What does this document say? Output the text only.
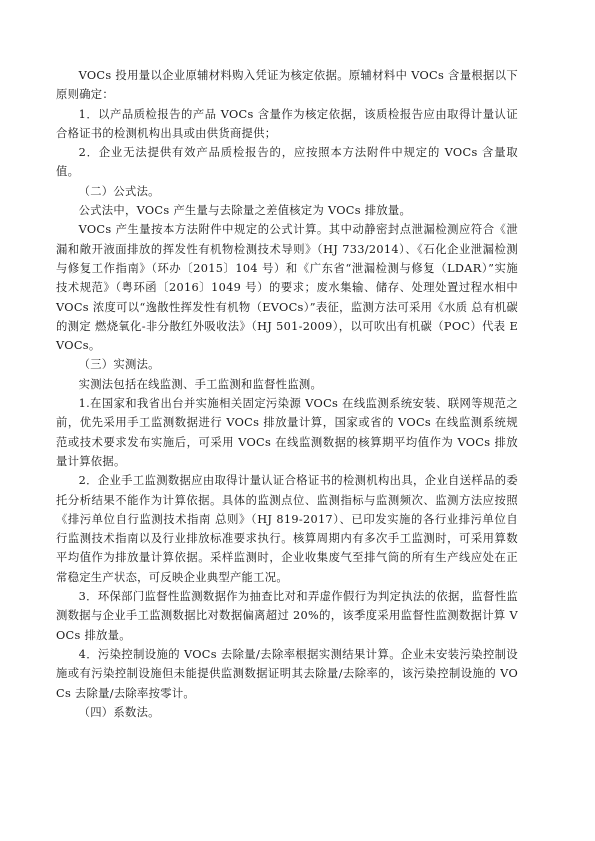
VOCs 投用量以企业原辅材料购入凭证为核定依据。原辅材料中 VOCs 含量根据以下原则确定：

1．以产品质检报告的产品 VOCs 含量作为核定依据，该质检报告应由取得计量认证合格证书的检测机构出具或由供货商提供；

2．企业无法提供有效产品质检报告的，应按照本方法附件中规定的 VOCs 含量取值。

（二）公式法。

公式法中，VOCs 产生量与去除量之差值核定为 VOCs 排放量。

VOCs 产生量按本方法附件中规定的公式计算。其中动静密封点泄漏检测应符合《泄漏和敞开液面排放的挥发性有机物检测技术导则》（HJ 733/2014）、《石化企业泄漏检测与修复工作指南》（环办〔2015〕104 号）和《广东省“泄漏检测与修复（LDAR）”实施技术规范》（粤环函〔2016〕1049 号）的要求；废水集输、储存、处理处置过程水相中 VOCs 浓度可以“逸散性挥发性有机物（EVOCs）”表征，监测方法可采用《水质 总有机碳的测定 燃烧氧化-非分散红外吸收法》（HJ 501-2009），以可吹出有机碳（POC）代表 EVOCs。

（三）实测法。

实测法包括在线监测、手工监测和监督性监测。

1.在国家和我省出台并实施相关固定污染源 VOCs 在线监测系统安装、联网等规范之前，优先采用手工监测数据进行 VOCs 排放量计算，国家或省的 VOCs 在线监测系统规范或技术要求发布实施后，可采用 VOCs 在线监测数据的核算期平均值作为 VOCs 排放量计算依据。

2．企业手工监测数据应由取得计量认证合格证书的检测机构出具，企业自送样品的委托分析结果不能作为计算依据。具体的监测点位、监测指标与监测频次、监测方法应按照《排污单位自行监测技术指南 总则》（HJ 819-2017）、已印发实施的各行业排污单位自行监测技术指南以及行业排放标准要求执行。核算周期内有多次手工监测时，可采用算数平均值作为排放量计算依据。采样监测时，企业收集废气至排气筒的所有生产线应处在正常稳定生产状态，可反映企业典型产能工况。

3．环保部门监督性监测数据作为抽查比对和弄虚作假行为判定执法的依据，监督性监测数据与企业手工监测数据比对数据偏离超过 20%的，该季度采用监督性监测数据计算 VOCs 排放量。

4．污染控制设施的 VOCs 去除量/去除率根据实测结果计算。企业未安装污染控制设施或有污染控制设施但未能提供监测数据证明其去除量/去除率的，该污染控制设施的 VOCs 去除量/去除率按零计。

（四）系数法。
